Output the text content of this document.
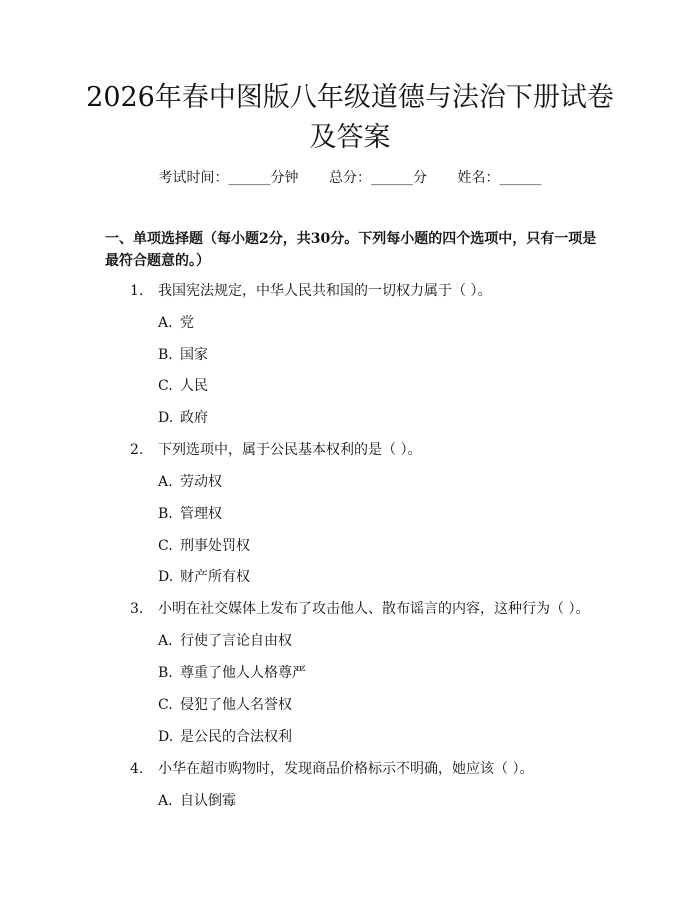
2026年春中图版八年级道德与法治下册试卷
及答案
考试时间：______分钟 总分：______分 姓名：______
一、单项选择题（每小题2分，共30分。下列每小题的四个选项中，只有一项是最符合题意的。）
1. 我国宪法规定，中华人民共和国的一切权力属于（ ）。
A. 党
B. 国家
C. 人民
D. 政府
2. 下列选项中，属于公民基本权利的是（ ）。
A. 劳动权
B. 管理权
C. 刑事处罚权
D. 财产所有权
3. 小明在社交媒体上发布了攻击他人、散布谣言的内容，这种行为（ ）。
A. 行使了言论自由权
B. 尊重了他人人格尊严
C. 侵犯了他人名誉权
D. 是公民的合法权利
4. 小华在超市购物时，发现商品价格标示不明确，她应该（ ）。
A. 自认倒霉
